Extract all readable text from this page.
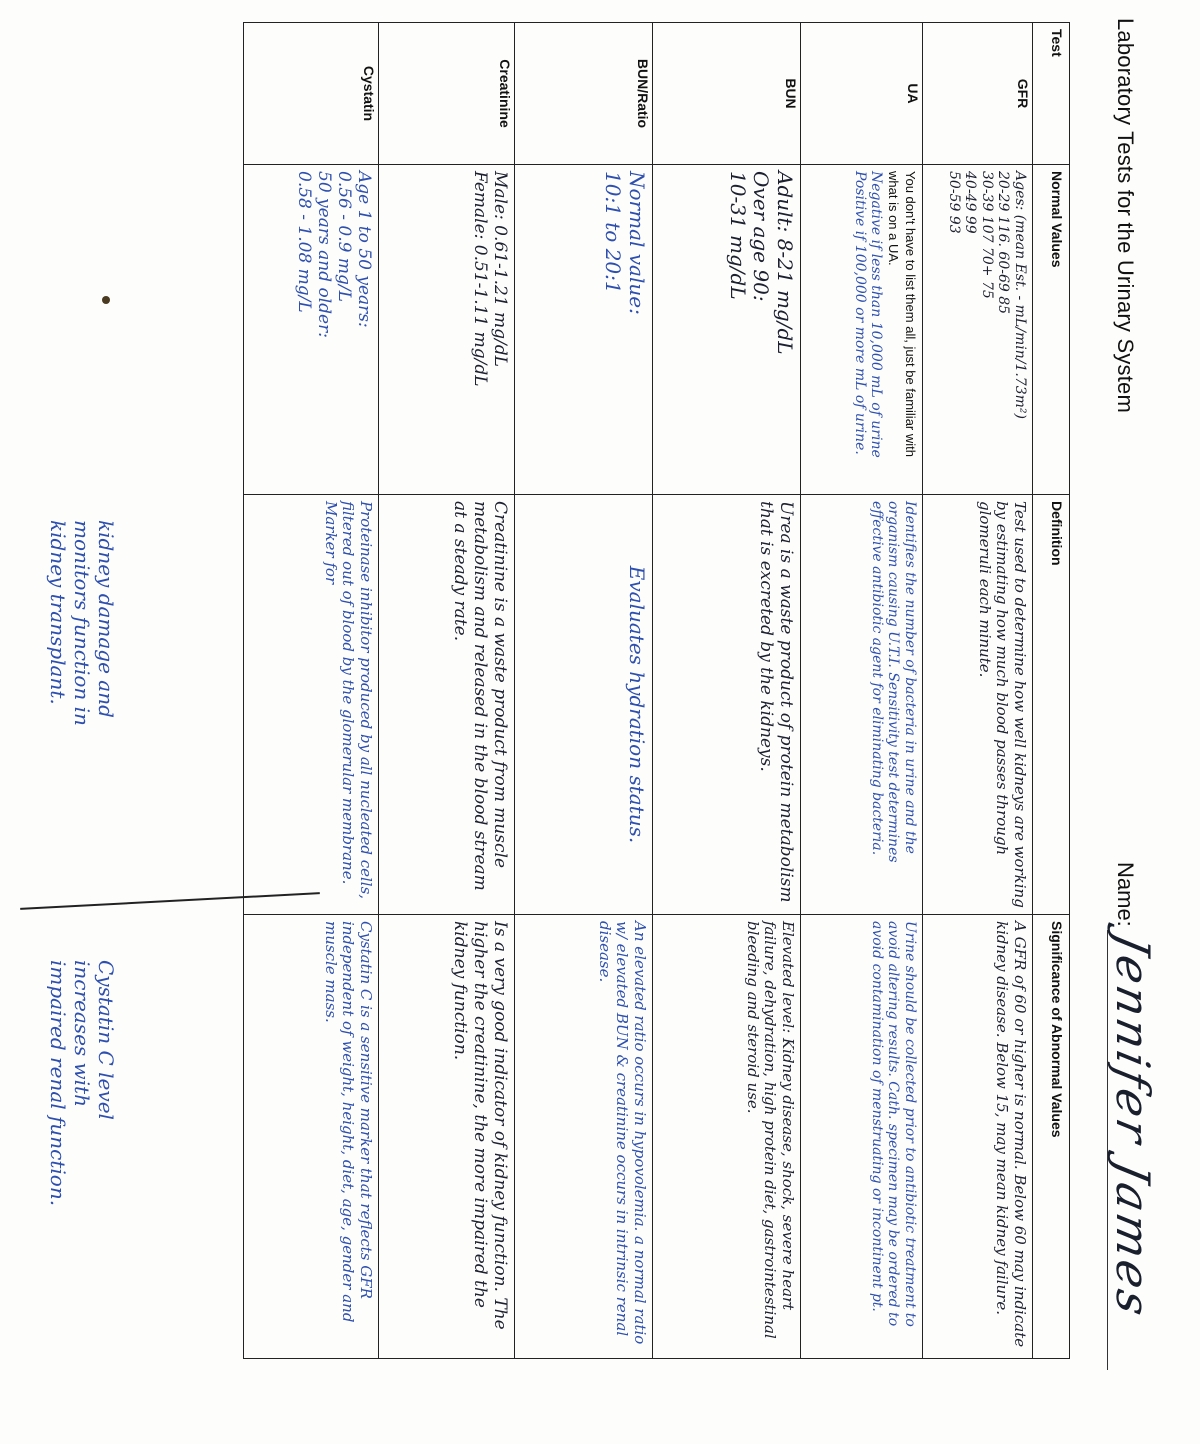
Laboratory Tests for the Urinary System
Name:
Jennifer James
Test	Normal Values	Definition	Significance of Abnormal Values
GFR	Ages: (mean Est. - mL/min/1.73m²)
20-29 116. 60-69 85
30-39 107 70+ 75
40-49 99
50-59 93	Test used to determine how well kidneys are working by estimating how much blood passes through glomeruli each minute.	A GFR of 60 or higher is normal. Below 60 may indicate kidney disease. Below 15, may mean kidney failure.

UA	You don't have to list them all, just be familiar with what is on a UA.
Negative if less than 10,000 mL of urine
Positive if 100,000 or more mL of urine.	Identifies the number of bacteria in urine and the organism causing U.T.I. Sensitivity test determines effective antibiotic agent for eliminating bacteria.	Urine should be collected prior to antibiotic treatment to avoid altering results. Cath. specimen may be ordered to avoid contamination of menstruating or incontinent pt.

BUN	Adult: 8-21 mg/dL
Over age 90:
10-31 mg/dL	Urea is a waste product of protein metabolism that is excreted by the kidneys.	Elevated level: Kidney disease, shock, severe heart failure, dehydration, high protein diet, gastrointestinal bleeding and steroid use.

BUN/Ratio	Normal value:
10:1 to 20:1	Evaluates hydration status.	An elevated ratio occurs in hypovolemia. a normal ratio w/ elevated BUN & creatinine occurs in intrinsic renal disease.

Creatinine	Male: 0.61-1.21 mg/dL
Female: 0.51-1.11 mg/dL	Creatinine is a waste product from muscle metabolism and released in the blood stream at a steady rate.	Is a very good indicator of kidney function. The higher the creatinine, the more impaired the kidney function.

Cystatin	Age 1 to 50 years:
0.56 - 0.9 mg/L
50 years and older:
0.58 - 1.08 mg/L	Proteinase inhibitor produced by all nucleated cells, filtered out of blood by the glomerular membrane. Marker for	Cystatin C is a sensitive marker that reflects GFR independent of weight, height, diet, age, gender and muscle mass.
kidney damage and
monitors function in
kidney transplant.
Cystatin C level
increases with
impaired renal function.
